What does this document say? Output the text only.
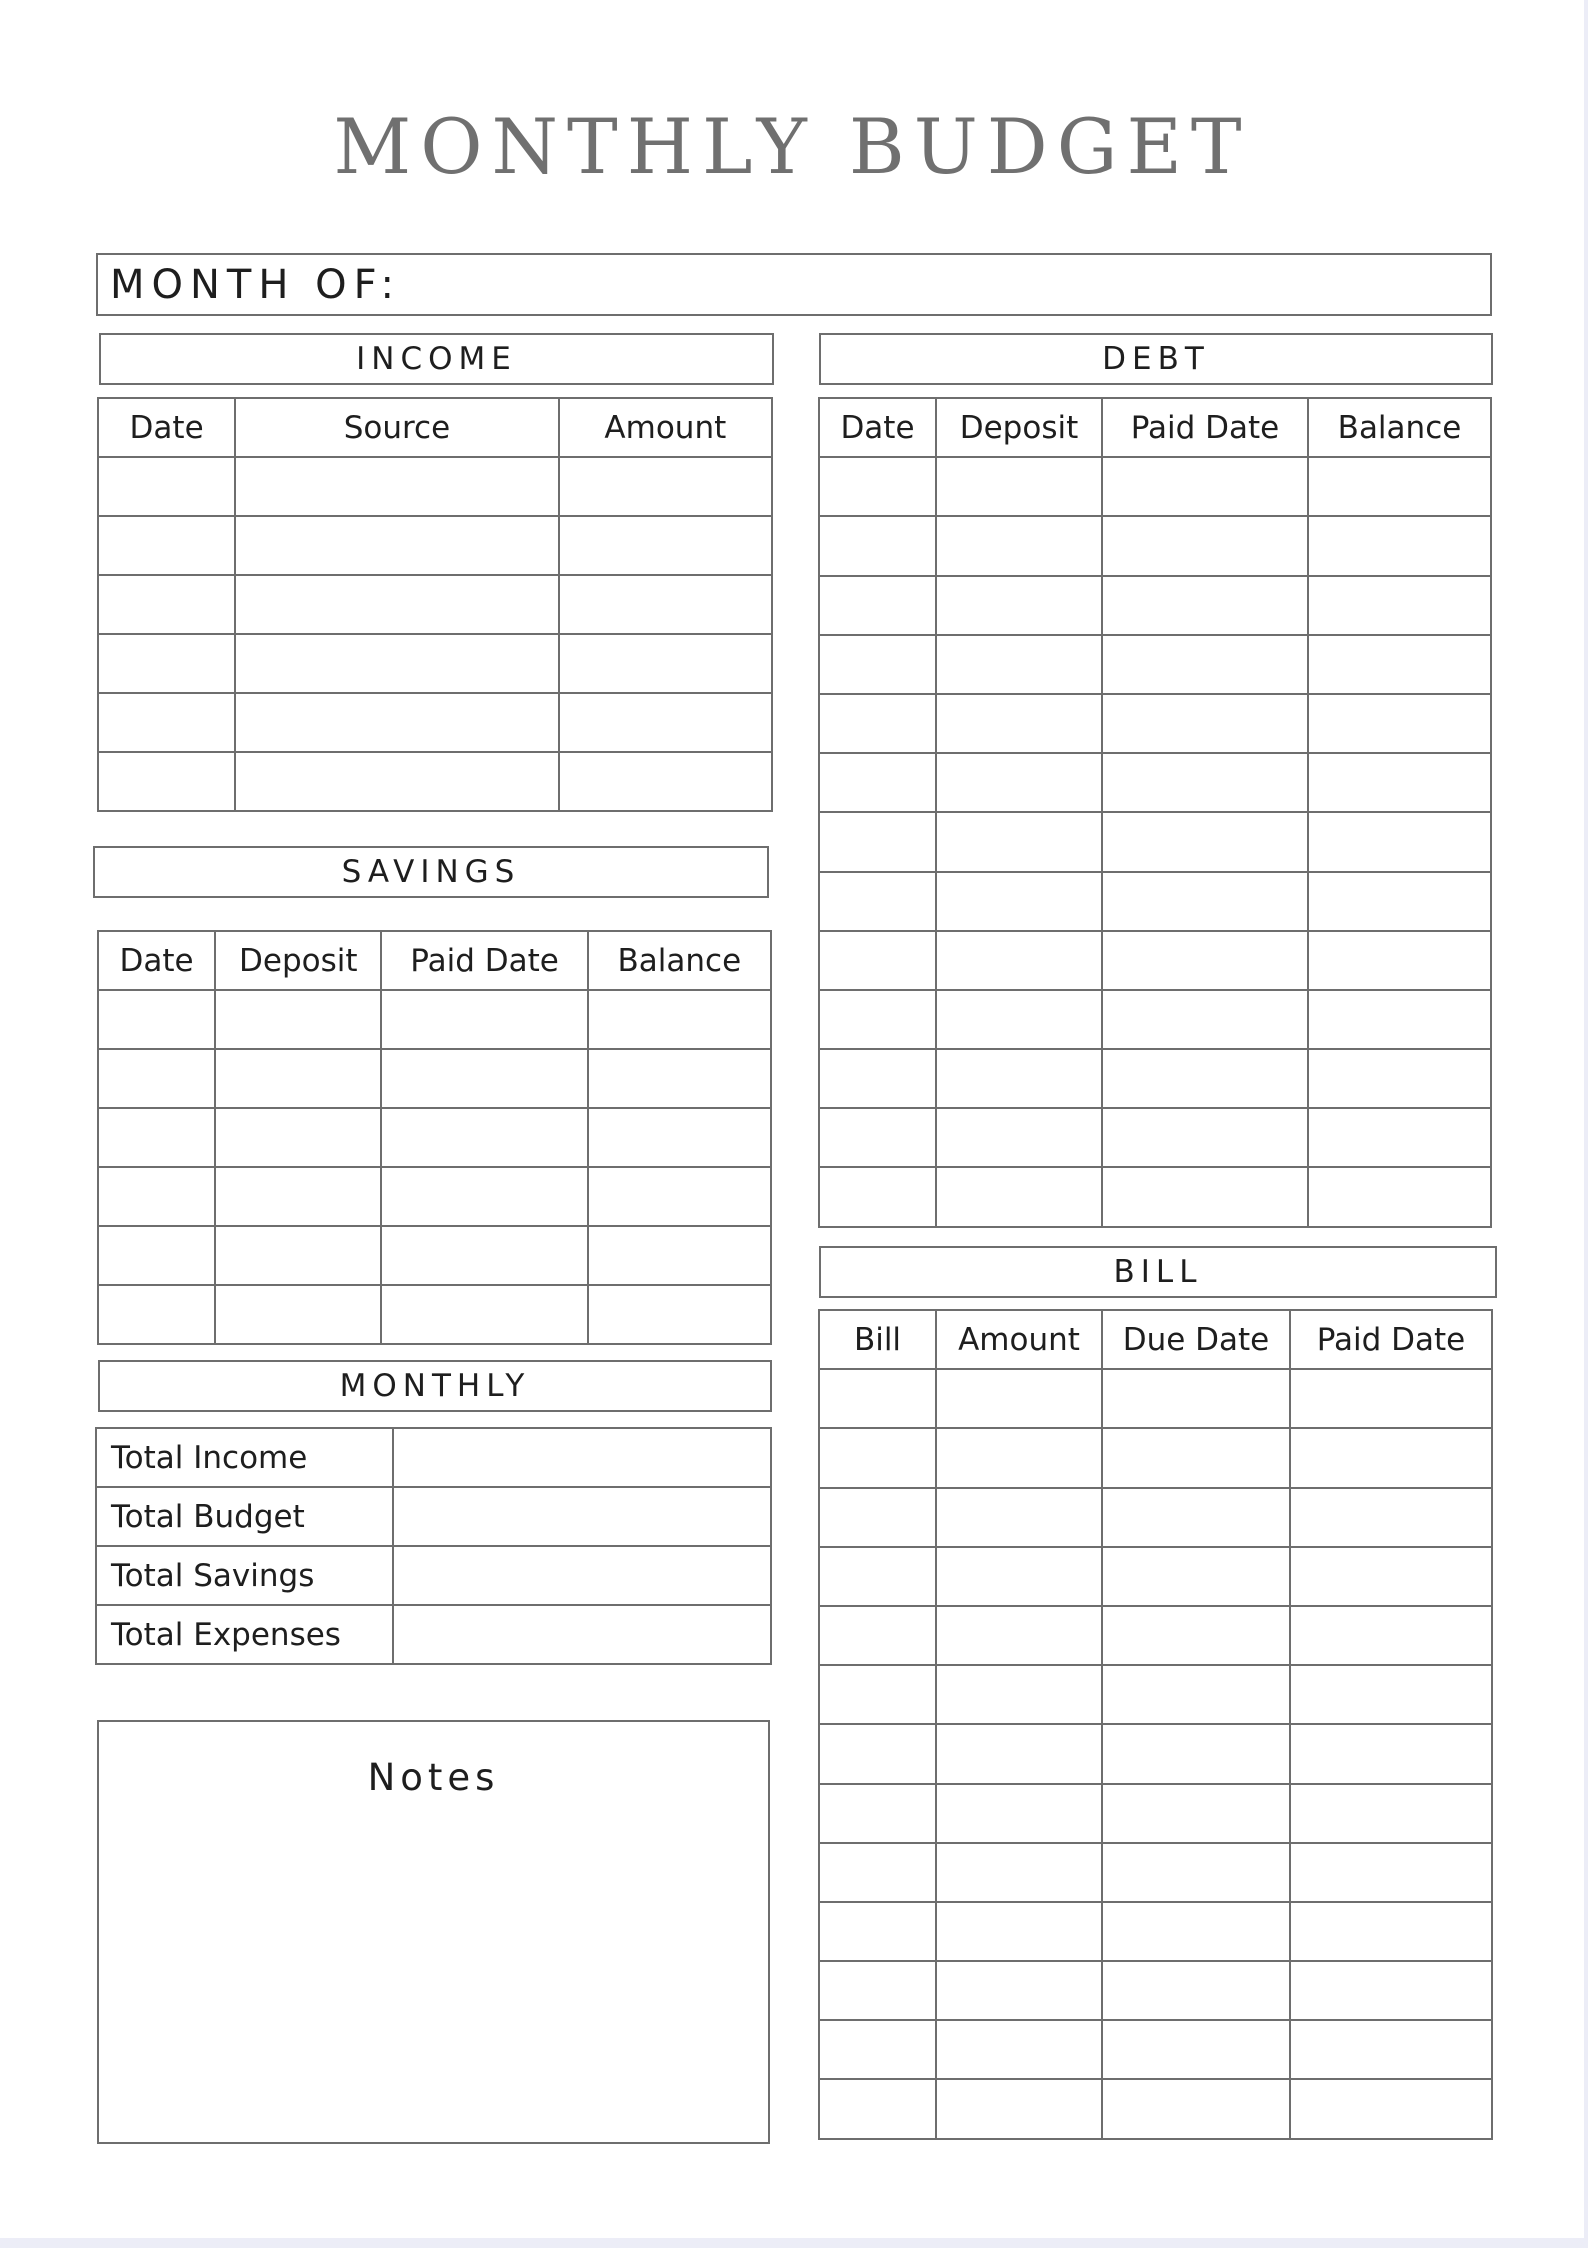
MONTHLY BUDGET
MONTH OF:
INCOME
Date	Source	Amount

DEBT
Date	Deposit	Paid Date	Balance

SAVINGS
Date	Deposit	Paid Date	Balance

BILL
Bill	Amount	Due Date	Paid Date

MONTHLY
Total Income	
Total Budget	
Total Savings	
Total Expenses	
Notes
